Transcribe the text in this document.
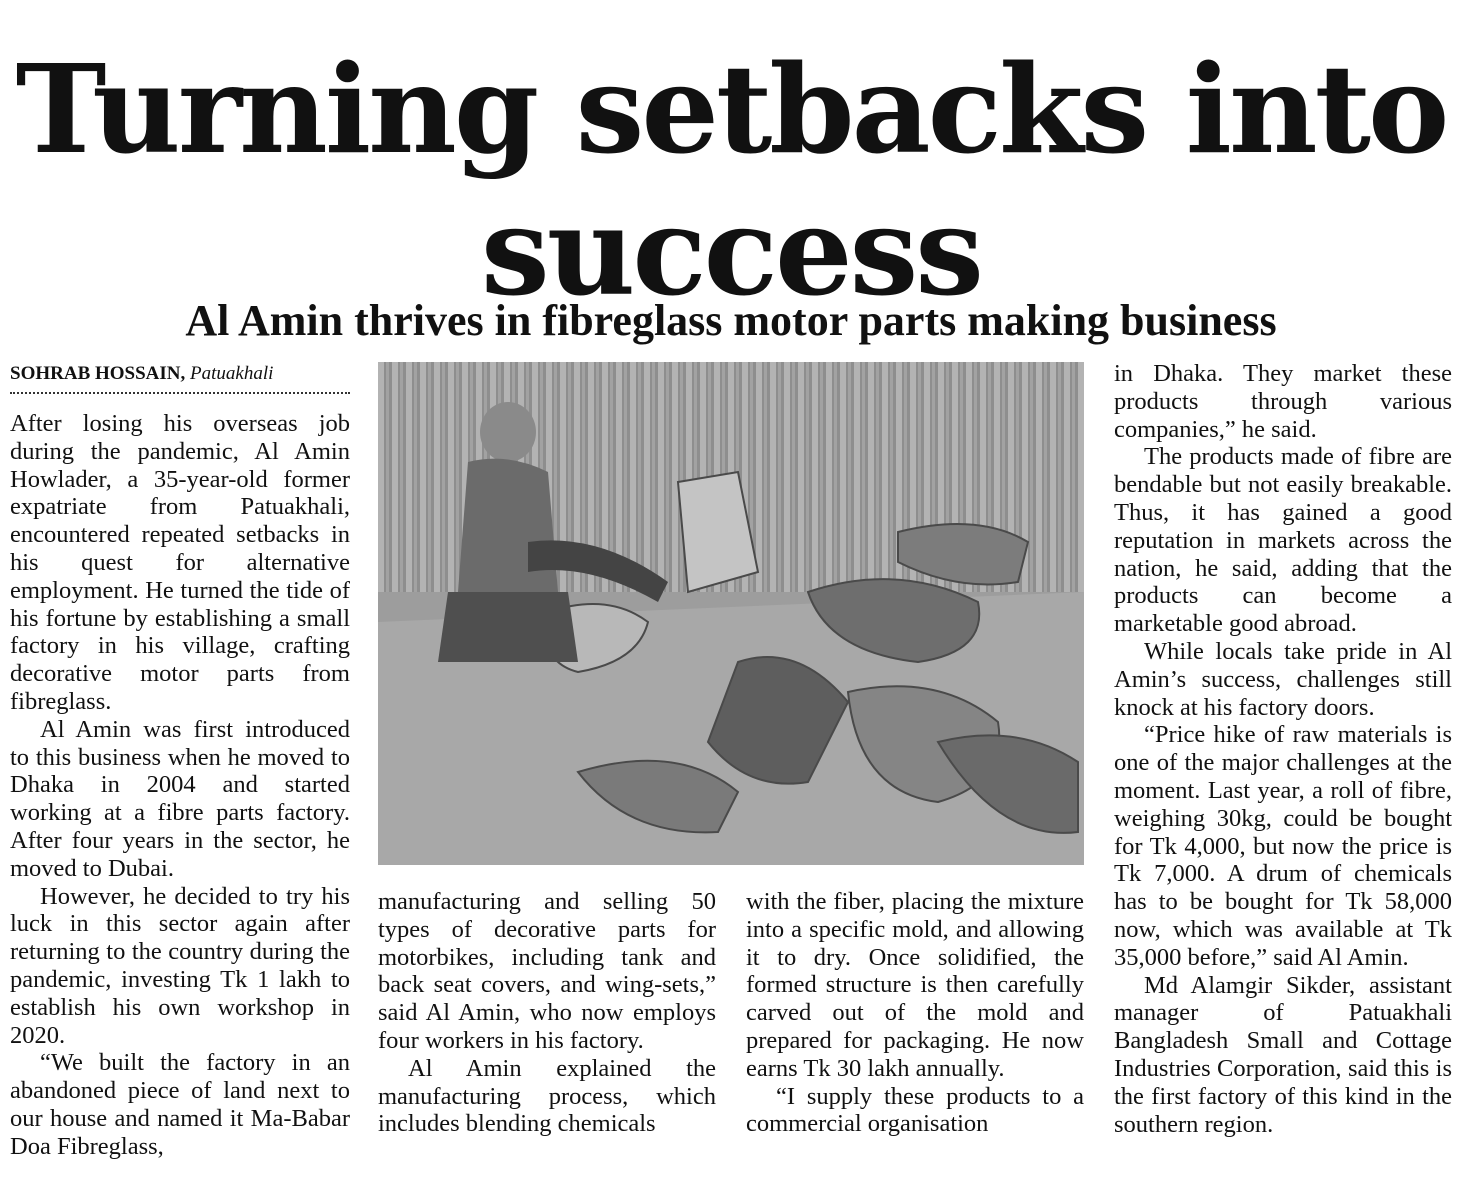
Turning setbacks into success
Al Amin thrives in fibreglass motor parts making business
SOHRAB HOSSAIN, Patuakhali

After losing his overseas job during the pandemic, Al Amin Howlader, a 35-year-old former expatriate from Patuakhali, encountered repeated setbacks in his quest for alternative employment. He turned the tide of his fortune by establishing a small factory in his village, crafting decorative motor parts from fibreglass.

Al Amin was first introduced to this business when he moved to Dhaka in 2004 and started working at a fibre parts factory. After four years in the sector, he moved to Dubai.

However, he decided to try his luck in this sector again after returning to the country during the pandemic, investing Tk 1 lakh to establish his own workshop in 2020.

“We built the factory in an abandoned piece of land next to our house and named it Ma-Babar Doa Fibreglass,

manufacturing and selling 50 types of decorative parts for motorbikes, including tank and back seat covers, and wing-sets,” said Al Amin, who now employs four workers in his factory.

Al Amin explained the manufacturing process, which includes blending chemicals

with the fiber, placing the mixture into a specific mold, and allowing it to dry. Once solidified, the formed structure is then carefully carved out of the mold and prepared for packaging. He now earns Tk 30 lakh annually.

“I supply these products to a commercial organisation

in Dhaka. They market these products through various companies,” he said.

The products made of fibre are bendable but not easily breakable. Thus, it has gained a good reputation in markets across the nation, he said, adding that the products can become a marketable good abroad.

While locals take pride in Al Amin’s success, challenges still knock at his factory doors.

“Price hike of raw materials is one of the major challenges at the moment. Last year, a roll of fibre, weighing 30kg, could be bought for Tk 4,000, but now the price is Tk 7,000. A drum of chemicals has to be bought for Tk 58,000 now, which was available at Tk 35,000 before,” said Al Amin.

Md Alamgir Sikder, assistant manager of Patuakhali Bangladesh Small and Cottage Industries Corporation, said this is the first factory of this kind in the southern region.
